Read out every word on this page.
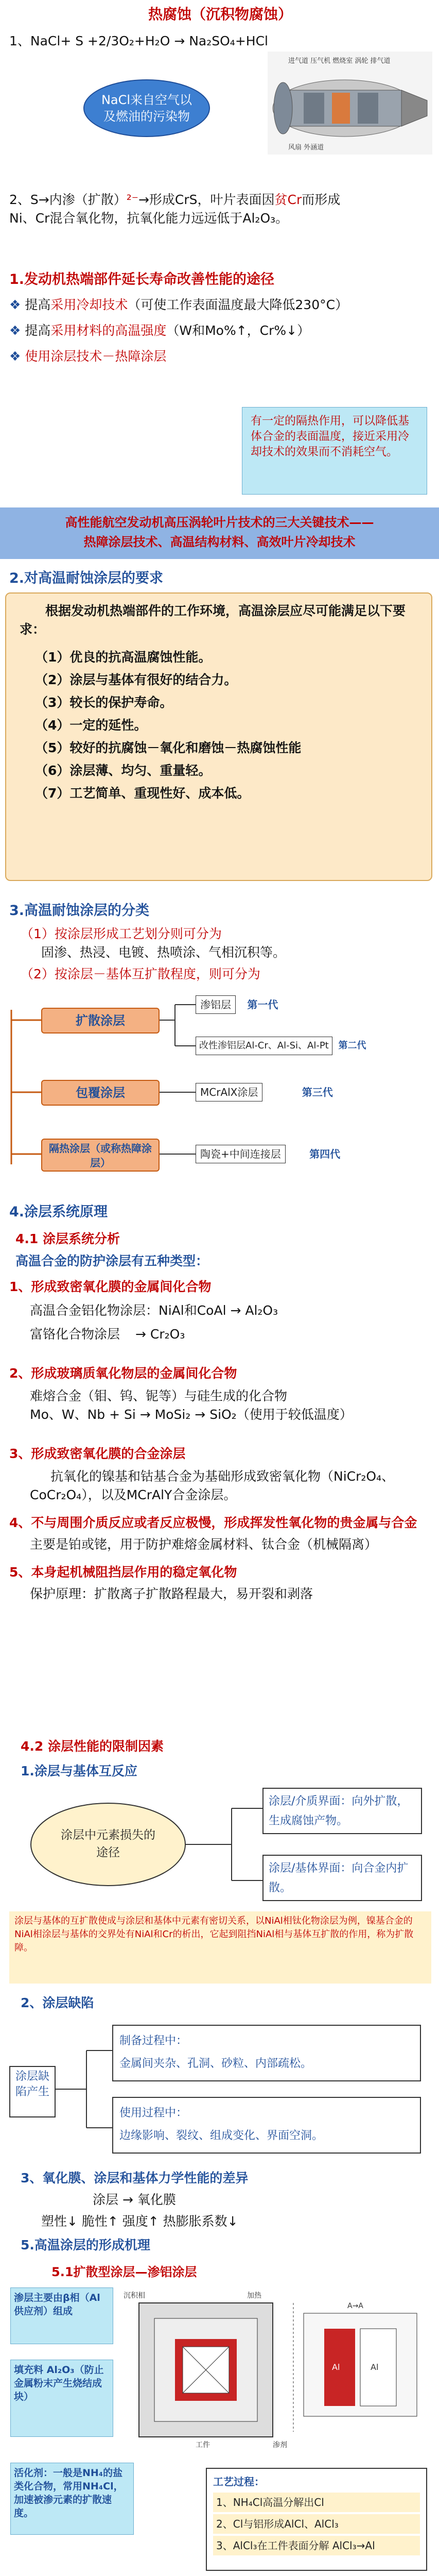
热腐蚀（沉积物腐蚀）
1、NaCl+ S +2/3O₂+H₂O → Na₂SO₄+HCl
进气道 压气机 燃烧室 涡轮 排气道
风扇 外涵道
NaCl来自空气以及燃油的污染物
2、S→内渗（扩散）²⁻→形成CrS，叶片表面因贫Cr而形成
Ni、Cr混合氧化物，抗氧化能力远远低于Al₂O₃。
1.发动机热端部件延长寿命改善性能的途径
❖ 提高采用冷却技术（可使工作表面温度最大降低230°C）
❖ 提高采用材料的高温强度（W和Mo%↑，Cr%↓）
❖ 使用涂层技术－热障涂层
有一定的隔热作用，可以降低基体合金的表面温度，接近采用冷却技术的效果而不消耗空气。
高性能航空发动机高压涡轮叶片技术的三大关键技术——
热障涂层技术、高温结构材料、高效叶片冷却技术
2.对高温耐蚀涂层的要求
根据发动机热端部件的工作环境，高温涂层应尽可能满足以下要求：
（1）优良的抗高温腐蚀性能。
（2）涂层与基体有很好的结合力。
（3）较长的保护寿命。
（4）一定的延性。
（5）较好的抗腐蚀－氧化和磨蚀－热腐蚀性能
（6）涂层薄、均匀、重量轻。
（7）工艺简单、重现性好、成本低。
3.高温耐蚀涂层的分类
（1）按涂层形成工艺划分则可分为
固渗、热浸、电镀、热喷涂、气相沉积等。
（2）按涂层－基体互扩散程度，则可分为
扩散涂层
包覆涂层
隔热涂层（或称热障涂层）
渗铝层 第一代
改性渗铝层Al-Cr、Al-Si、Al-Pt 第二代
MCrAlX涂层	第三代
陶瓷+中间连接层	第四代
4.涂层系统原理
4.1 涂层系统分析
高温合金的防护涂层有五种类型：
1、形成致密氧化膜的金属间化合物
高温合金铝化物涂层：NiAl和CoAl → Al₂O₃
富铬化合物涂层 → Cr₂O₃
2、形成玻璃质氧化物层的金属间化合物
难熔合金（钼、钨、铌等）与硅生成的化合物
Mo、W、Nb + Si → MoSi₂ → SiO₂（使用于较低温度）
3、形成致密氧化膜的合金涂层
抗氧化的镍基和钴基合金为基础形成致密氧化物（NiCr₂O₄、CoCr₂O₄），以及MCrAlY合金涂层。
4、不与周围介质反应或者反应极慢，形成挥发性氧化物的贵金属与合金
主要是铂或铑，用于防护难熔金属材料、钛合金（机械隔离）
5、本身起机械阻挡层作用的稳定氧化物
保护原理：扩散离子扩散路程最大，易开裂和剥落
4.2 涂层性能的限制因素
1.涂层与基体互反应
涂层中元素损失的途径
涂层/介质界面：向外扩散，生成腐蚀产物。
涂层/基体界面：向合金内扩散。
涂层与基体的互扩散使成与涂层和基体中元素有密切关系，以NiAl相钛化物涂层为例，镍基合金的NiAl相涂层与基体的交界处有NiAl和Cr的析出，它起到阻挡NiAl相与基体互扩散的作用，称为扩散障。
2、涂层缺陷
涂层缺陷产生
制备过程中：
金属间夹杂、孔洞、砂粒、内部疏松。
使用过程中：
边缘影响、裂纹、组成变化、界面空洞。
3、氧化膜、涂层和基体力学性能的差异
涂层 → 氧化膜
塑性↓ 脆性↑ 强度↑ 热膨胀系数↓
5.高温涂层的形成机理
5.1扩散型涂层—渗铝涂层
渗层主要由β相（Al供应剂）组成
填充料 Al₂O₃（防止金属粉末产生烧结成块）
活化剂：一般是NH₄的盐类化合物，常用NH₄Cl，加速被渗元素的扩散速度。
沉积相	加热
渗剂
工件
A→A
Al	Al
工艺过程：
1、NH₄Cl高温分解出Cl
2、Cl与铝形成AlCl、AlCl₃
3、AlCl₃在工件表面分解 AlCl₃→Al
